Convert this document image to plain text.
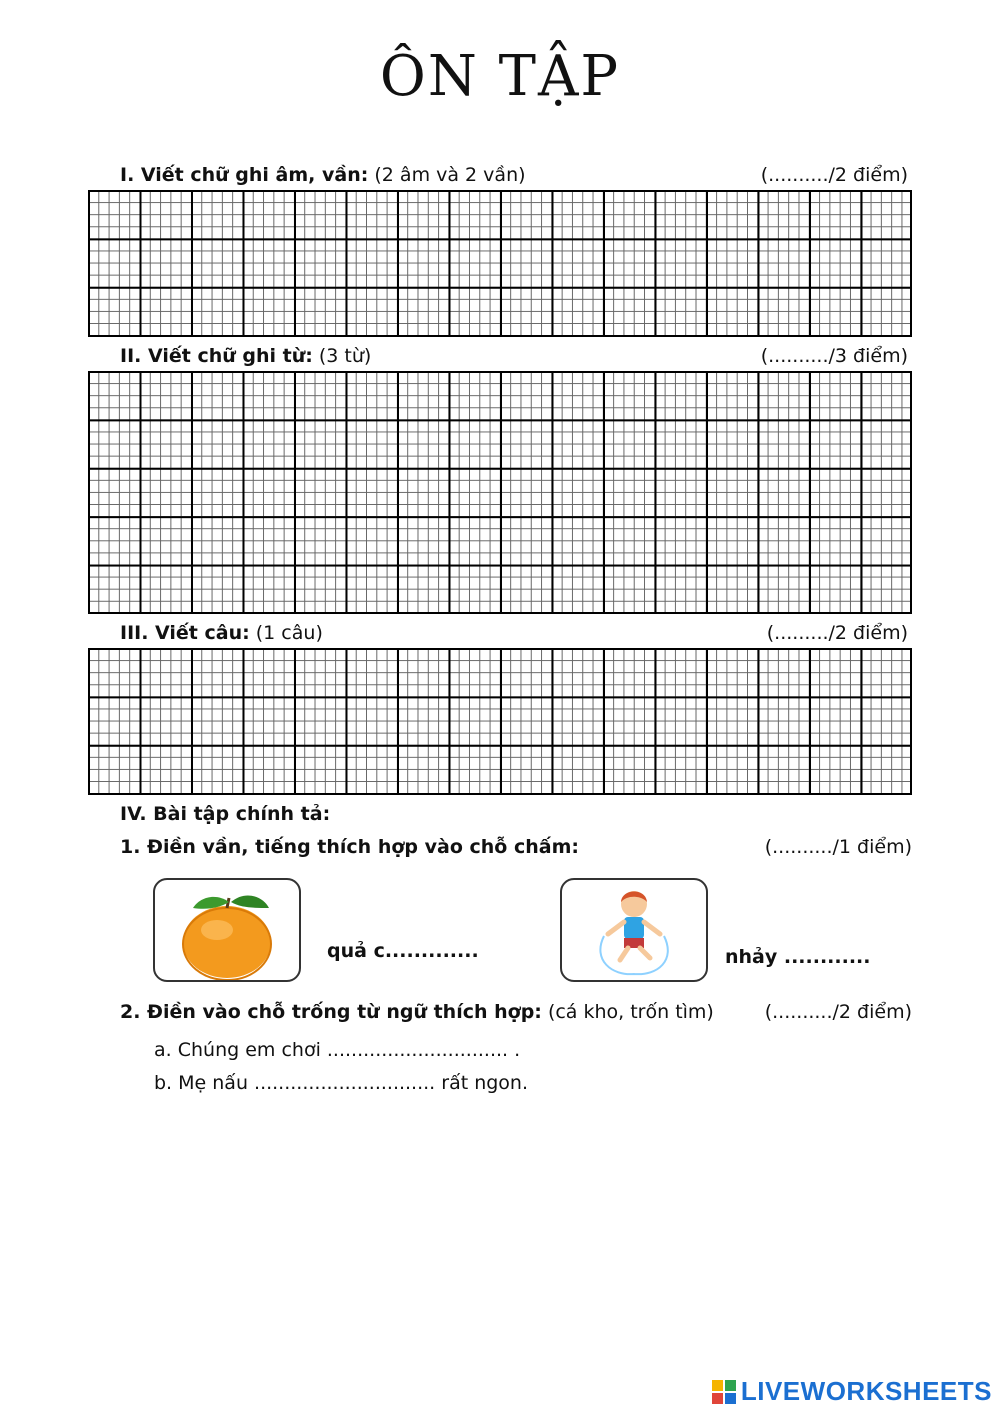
ÔN TẬP
I. Viết chữ ghi âm, vần: (2 âm và 2 vần)	(........../2 điểm)
II. Viết chữ ghi từ: (3 từ)	(........../3 điểm)
III. Viết câu: (1 câu)	(........./2 điểm)
IV. Bài tập chính tả:
1. Điền vần, tiếng thích hợp vào chỗ chấm:	(........../1 điểm)
quả c.............	nhảy ............
2. Điền vào chỗ trống từ ngữ thích hợp: (cá kho, trốn tìm)	(........../2 điểm)
a. Chúng em chơi .............................. .
b. Mẹ nấu .............................. rất ngon.
LIVEWORKSHEETS
